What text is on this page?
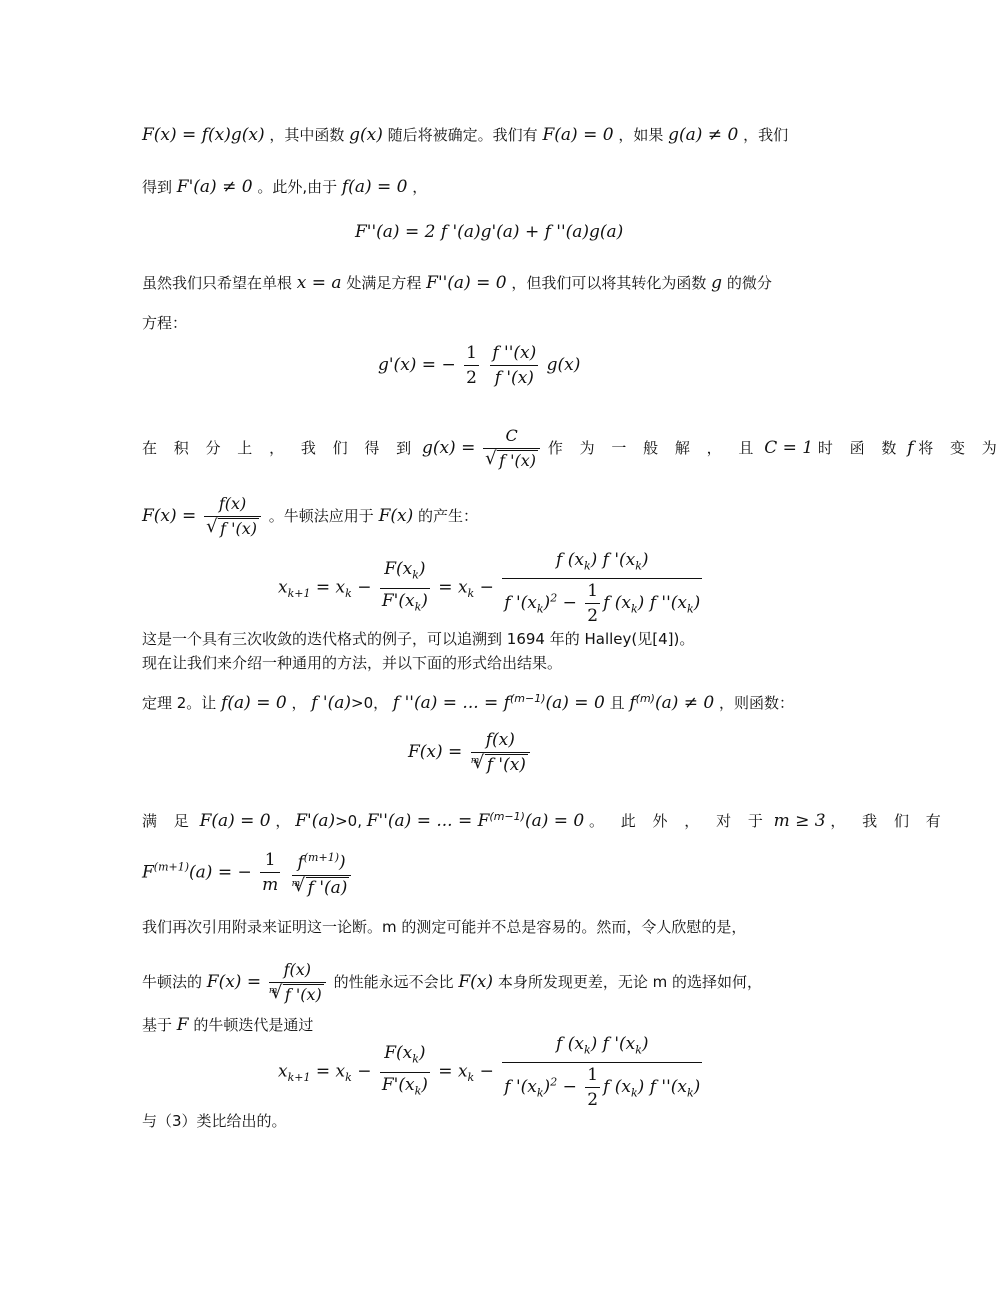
F(x) = f(x)g(x) ，其中函数 g(x) 随后将被确定。我们有 F(a) = 0 ，如果 g(a) ≠ 0 ，我们
得到 F'(a) ≠ 0 。此外,由于 f(a) = 0 ，
F''(a) = 2 f '(a)g'(a) + f ''(a)g(a)
虽然我们只希望在单根 x = a 处满足方程 F''(a) = 0 ，但我们可以将其转化为函数 g 的微分
方程：
g'(x) = − $\frac{1}{2}$
$\frac{f ''(x)}{f '(x)} g(x)$
在 积 分 上 ， 我 们 得 到 g(x) = C
√ f '(x) 作 为 一 般 解 ， 且 C = 1 时 函 数 f 将 变 为
F(x) = f(x)
√ f '(x) 。牛顿法应用于 F(x) 的产生：
$x_{k+1} = x_k - \frac{F(x_k)}{F'(x_k)} = x_k - \frac{f (x_k) f '(x_k)}{f '(x_k)^2 - \frac{1}{2} f (x_k) f ''(x_k)}$
这是一个具有三次收敛的迭代格式的例子，可以追溯到 1694 年的 Halley(见[4])。
现在让我们来介绍一种通用的方法，并以下面的形式给出结果。
定理 2。让 f(a) = 0 ， f '(a)>0， f ''(a) = ... = $f^{(m-1)}(a) = 0$ 且 $f^{(m)}(a) \ne 0$ ，则函数：
F(x) = f(x)
√ m f '(x)
满 足 F(a) = 0 ， F'(a)>0, F''(a) = ... = $F^{(m-1)}(a) = 0$ 。 此 外 ， 对 于 m ≥ 3 ， 我 们 有
$F^{(m+1)}(a)$ = − $\frac{1}{m}$
$f^{(m+1)}$)
√ m f '(a)
我们再次引用附录来证明这一论断。m 的测定可能并不总是容易的。然而，令人欣慰的是，
牛顿法的 F(x) = f(x)
√ m f '(x) 的性能永远不会比 F(x) 本身所发现更差，无论 m 的选择如何，
基于 F 的牛顿迭代是通过
$x_{k+1} = x_k - \frac{F(x_k)}{F'(x_k)} = x_k - \frac{f (x_k) f '(x_k)}{f '(x_k)^2 - \frac{1}{2} f (x_k) f ''(x_k)}$
与（3）类比给出的。
